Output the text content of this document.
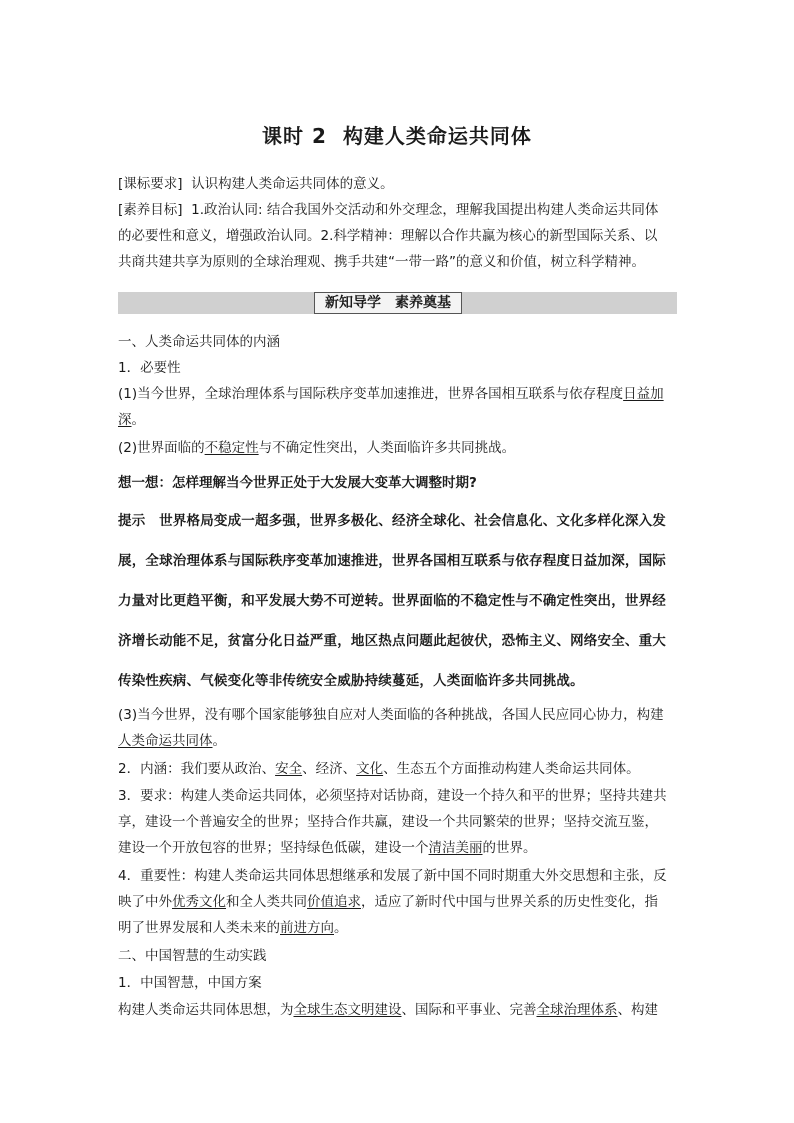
课时 2 构建人类命运共同体
[课标要求] 认识构建人类命运共同体的意义。
[素养目标] 1.政治认同: 结合我国外交活动和外交理念，理解我国提出构建人类命运共同体
的必要性和意义，增强政治认同。2.科学精神：理解以合作共赢为核心的新型国际关系、以
共商共建共享为原则的全球治理观、携手共建“一带一路”的意义和价值，树立科学精神。
新知导学 素养奠基
一、人类命运共同体的内涵
1．必要性
(1)当今世界，全球治理体系与国际秩序变革加速推进，世界各国相互联系与依存程度日益加
深。
(2)世界面临的不稳定性与不确定性突出，人类面临许多共同挑战。
想一想：怎样理解当今世界正处于大发展大变革大调整时期?
提示　世界格局变成一超多强，世界多极化、经济全球化、社会信息化、文化多样化深入发
展，全球治理体系与国际秩序变革加速推进，世界各国相互联系与依存程度日益加深，国际
力量对比更趋平衡，和平发展大势不可逆转。世界面临的不稳定性与不确定性突出，世界经
济增长动能不足，贫富分化日益严重，地区热点问题此起彼伏，恐怖主义、网络安全、重大
传染性疾病、气候变化等非传统安全威胁持续蔓延，人类面临许多共同挑战。
(3)当今世界，没有哪个国家能够独自应对人类面临的各种挑战，各国人民应同心协力，构建
人类命运共同体。
2．内涵：我们要从政治、安全、经济、文化、生态五个方面推动构建人类命运共同体。
3．要求：构建人类命运共同体，必须坚持对话协商，建设一个持久和平的世界；坚持共建共
享，建设一个普遍安全的世界；坚持合作共赢，建设一个共同繁荣的世界；坚持交流互鉴，
建设一个开放包容的世界；坚持绿色低碳，建设一个清洁美丽的世界。
4．重要性：构建人类命运共同体思想继承和发展了新中国不同时期重大外交思想和主张，反
映了中外优秀文化和全人类共同价值追求，适应了新时代中国与世界关系的历史性变化，指
明了世界发展和人类未来的前进方向。
二、中国智慧的生动实践
1．中国智慧，中国方案
构建人类命运共同体思想，为全球生态文明建设、国际和平事业、完善全球治理体系、构建
